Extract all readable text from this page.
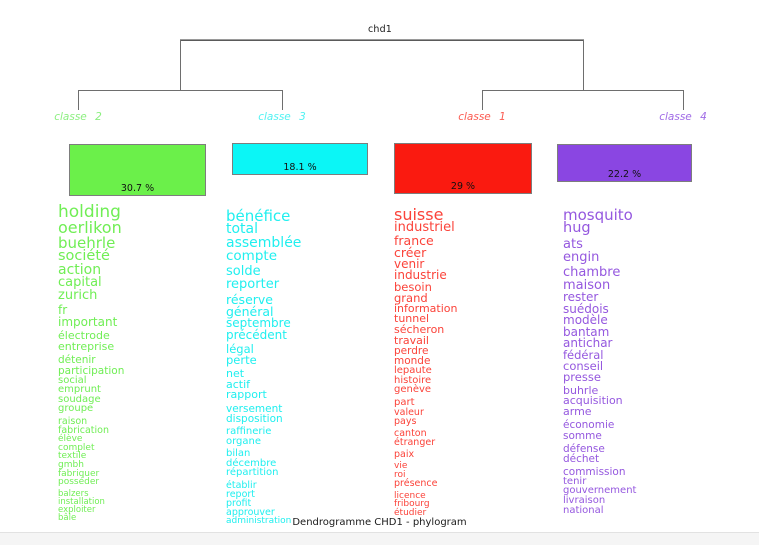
chd1
classe 2	classe 3	classe 1	classe 4
30.7 %
18.1 %
29 %
22.2 %
holding
oerlikon
buehrle
société
action
capital
zurich
fr
important
électrode
entreprise
détenir
participation
social
emprunt
soudage
groupe
raison
fabrication
élève
complet
textile
gmbh
fabriquer
posséder
balzers
installation
exploiter
bâle
bénéfice
total
assemblée
compte
solde
reporter
réserve
général
septembre
précédent
légal
perte
net
actif
rapport
versement
disposition
raffinerie
organe
bilan
décembre
répartition
établir
report
profit
approuver
administration
suisse
industriel
france
créer
venir
industrie
besoin
grand
information
tunnel
sécheron
travail
perdre
monde
lepaute
histoire
genève
part
valeur
pays
canton
étranger
paix
vie
roi
présence
licence
fribourg
étudier
mosquito
hug
ats
engin
chambre
maison
rester
suédois
modèle
bantam
antichar
fédéral
conseil
presse
buhrle
acquisition
arme
économie
somme
défense
déchet
commission
tenir
gouvernement
livraison
national
Dendrogramme CHD1 - phylogram
